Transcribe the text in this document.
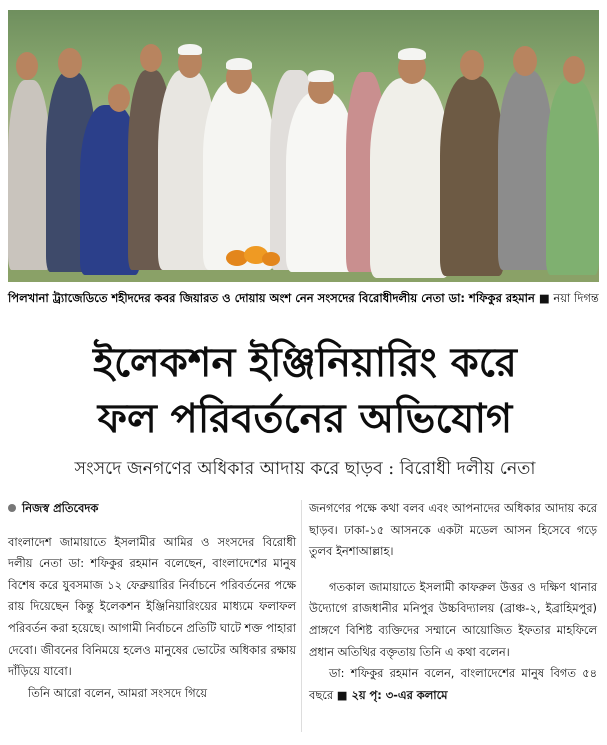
পিলখানা ট্র্যাজেডিতে শহীদদের কবর জিয়ারত ও দোয়ায় অংশ নেন সংসদের বিরোধীদলীয় নেতা ডা: শফিকুর রহমান ■ নয়া দিগন্ত
ইলেকশন ইঞ্জিনিয়ারিং করে
ফল পরিবর্তনের অভিযোগ
সংসদে জনগণের অধিকার আদায় করে ছাড়ব : বিরোধী দলীয় নেতা

নিজস্ব প্রতিবেদক

বাংলাদেশ জামায়াতে ইসলামীর আমির ও সংসদের বিরোধী দলীয় নেতা ডা: শফিকুর রহমান বলেছেন, বাংলাদেশের মানুষ বিশেষ করে যুবসমাজ ১২ ফেব্রুয়ারির নির্বাচনে পরিবর্তনের পক্ষে রায় দিয়েছেন কিন্তু ইলেকশন ইঞ্জিনিয়ারিংয়ের মাধ্যমে ফলাফল পরিবর্তন করা হয়েছে। আগামী নির্বাচনে প্রতিটি ঘাটে শক্ত পাহারা দেবো। জীবনের বিনিময়ে হলেও মানুষের ভোটের অধিকার রক্ষায় দাঁড়িয়ে যাবো।

তিনি আরো বলেন, আমরা সংসদে গিয়ে

জনগণের পক্ষে কথা বলব এবং আপনাদের অধিকার আদায় করে ছাড়ব। ঢাকা-১৫ আসনকে একটা মডেল আসন হিসেবে গড়ে তুলব ইনশাআল্লাহ।

গতকাল জামায়াতে ইসলামী কাফরুল উত্তর ও দক্ষিণ থানার উদ্যোগে রাজধানীর মনিপুর উচ্চবিদ্যালয় (ব্রাঞ্চ-২, ইব্রাহিমপুর) প্রাঙ্গণে বিশিষ্ট ব্যক্তিদের সম্মানে আয়োজিত ইফতার মাহফিলে প্রধান অতিথির বক্তৃতায় তিনি এ কথা বলেন।

ডা: শফিকুর রহমান বলেন, বাংলাদেশের মানুষ বিগত ৫৪ বছরে ■ ২য় পৃ: ৩-এর কলামে
